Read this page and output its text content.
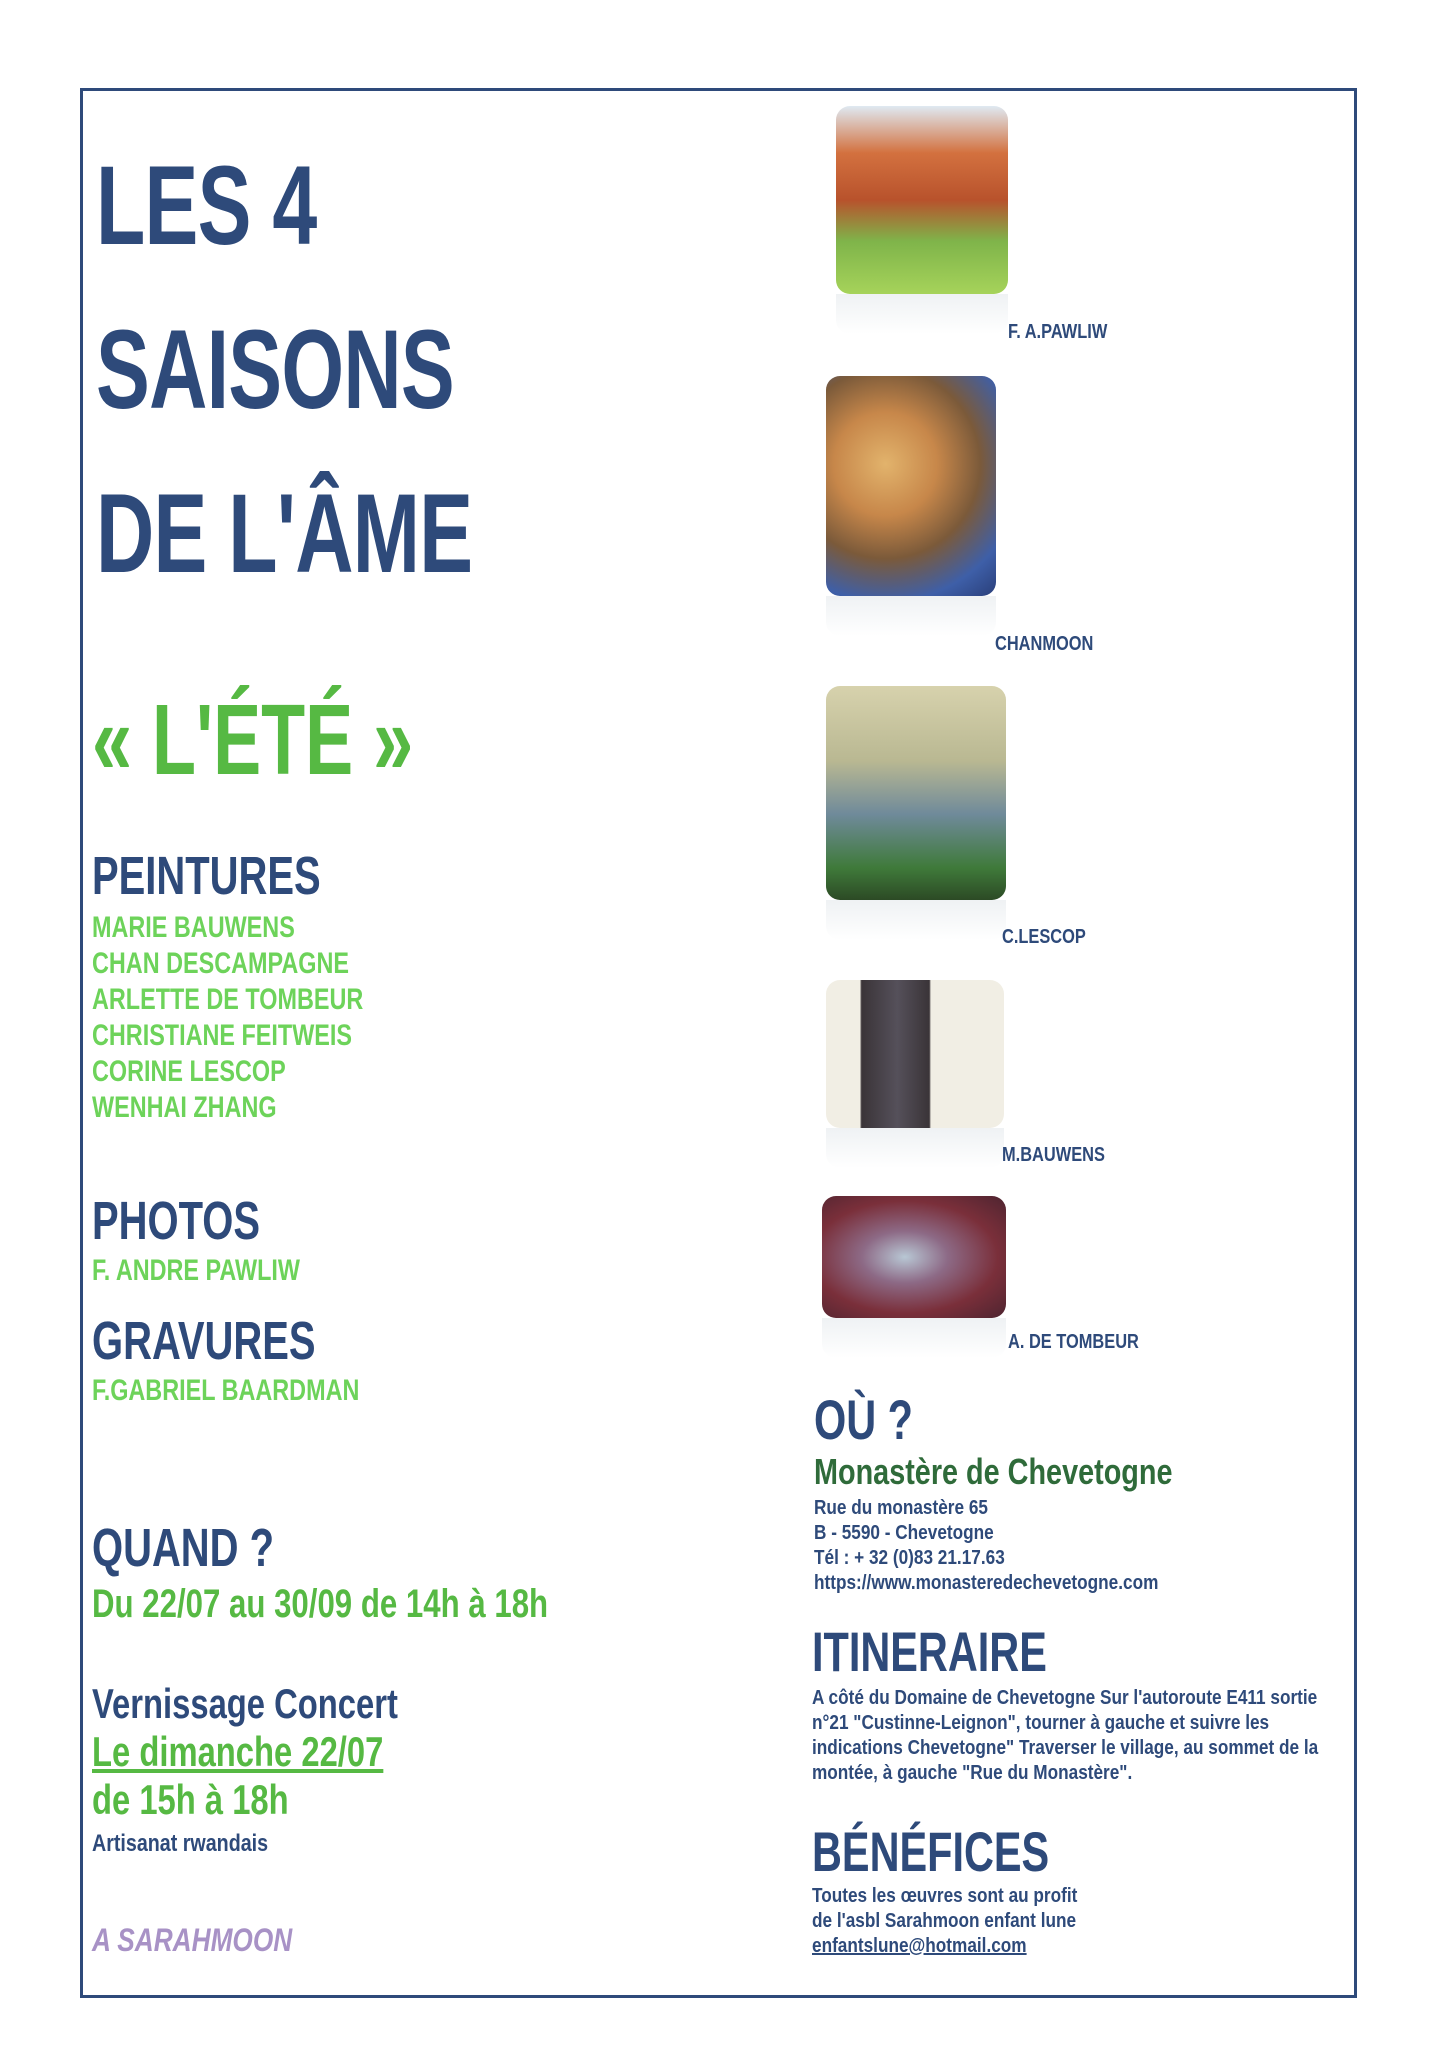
LES 4
SAISONS
DE L'ÂME
« L'ÉTÉ »
PEINTURES
MARIE BAUWENS
CHAN DESCAMPAGNE
ARLETTE DE TOMBEUR
CHRISTIANE FEITWEIS
CORINE LESCOP
WENHAI ZHANG
PHOTOS
F. ANDRE PAWLIW
GRAVURES
F.GABRIEL BAARDMAN
QUAND ?
Du 22/07 au 30/09 de 14h à 18h
Vernissage Concert
Le dimanche 22/07
de 15h à 18h
Artisanat rwandais
A SARAHMOON
F. A.PAWLIW
CHANMOON
C.LESCOP
M.BAUWENS
A. DE TOMBEUR
OÙ ?
Monastère de Chevetogne
Rue du monastère 65
B - 5590 - Chevetogne
Tél : + 32 (0)83 21.17.63
https://www.monasteredechevetogne.com
ITINERAIRE
A côté du Domaine de Chevetogne Sur l'autoroute E411 sortie n°21 "Custinne-Leignon", tourner à gauche et suivre les indications Chevetogne" Traverser le village, au sommet de la montée, à gauche "Rue du Monastère".
BÉNÉFICES
Toutes les œuvres sont au profit
de l'asbl Sarahmoon enfant lune
enfantslune@hotmail.com
